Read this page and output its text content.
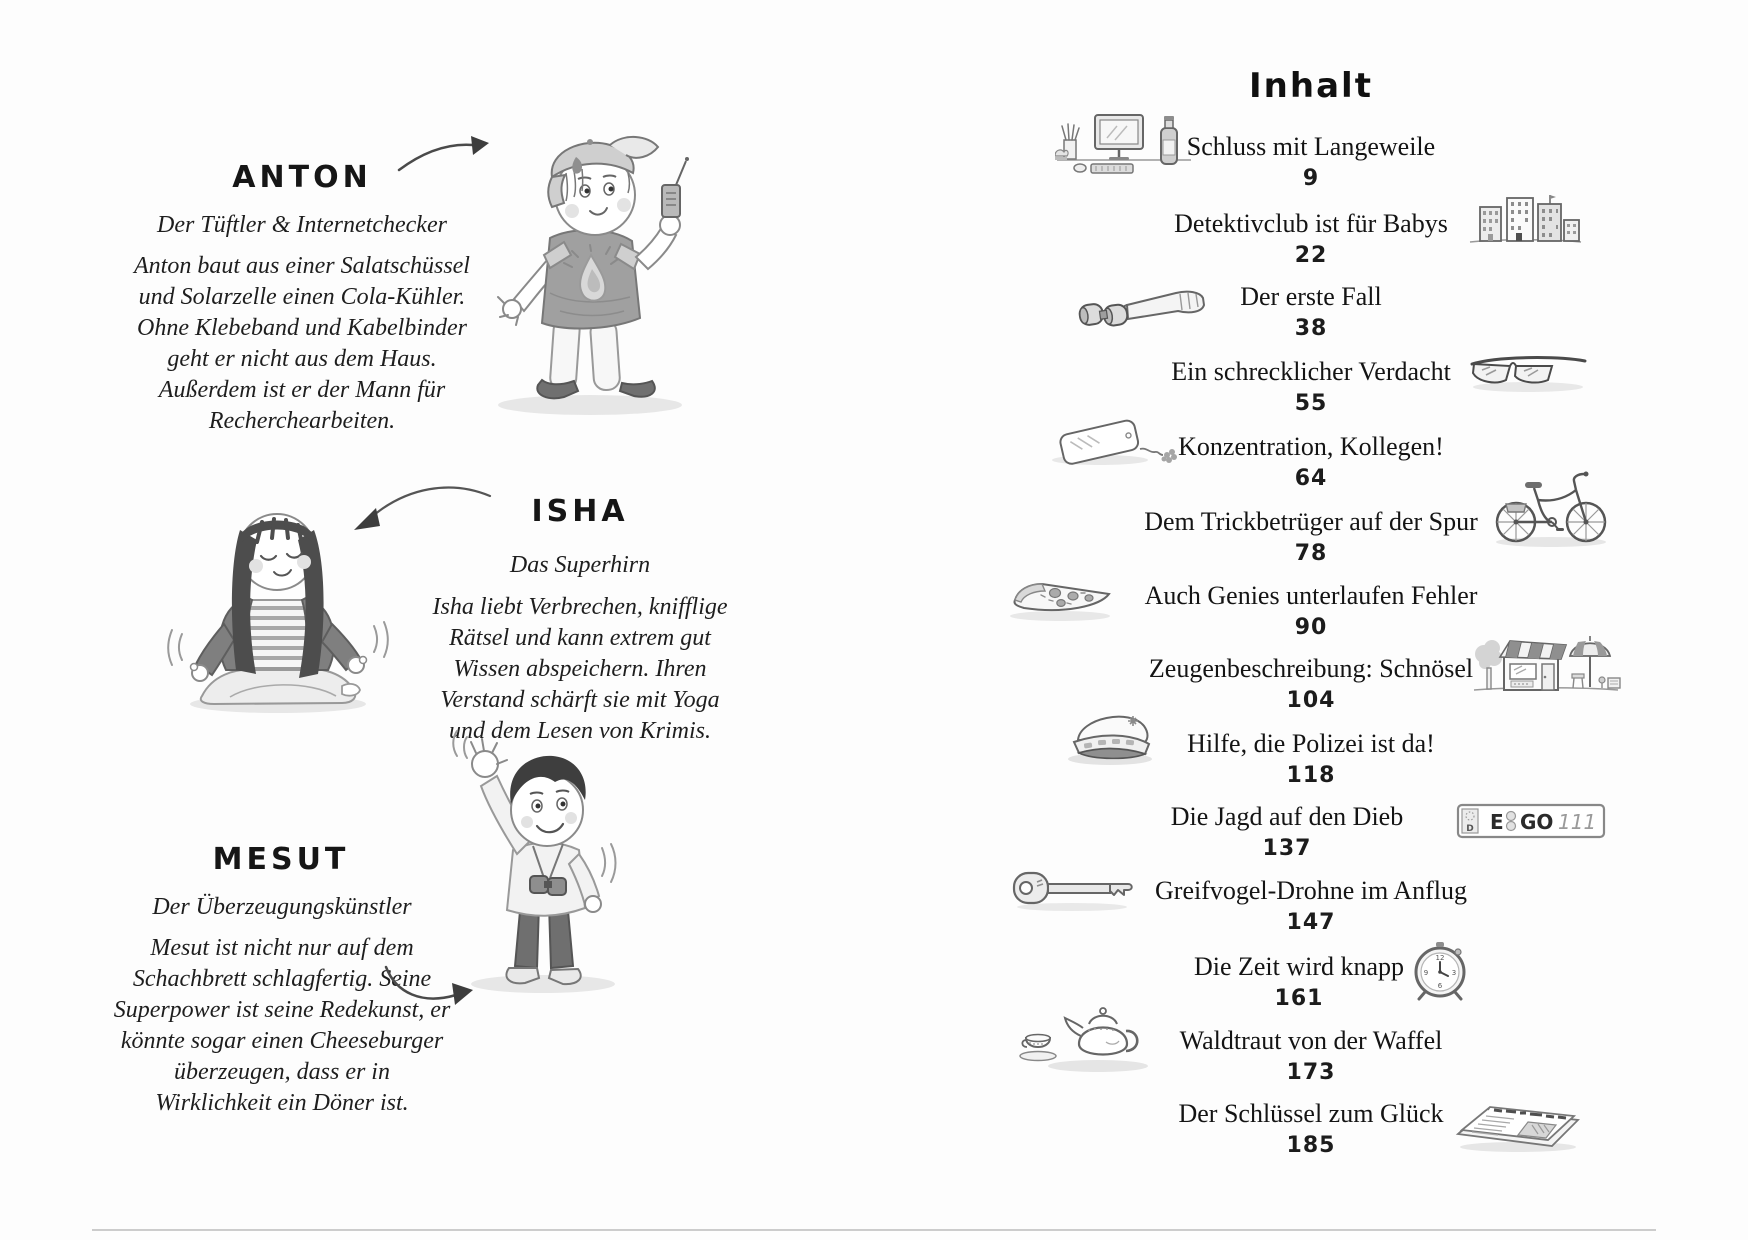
ANTON
Der Tüftler & Internetchecker
Anton baut aus einer Salatschüssel
und Solarzelle einen Cola-Kühler.
Ohne Klebeband und Kabelbinder
geht er nicht aus dem Haus.
Außerdem ist er der Mann für
Recherchearbeiten.
ISHA
Das Superhirn
Isha liebt Verbrechen, knifflige
Rätsel und kann extrem gut
Wissen abspeichern. Ihren
Verstand schärft sie mit Yoga
und dem Lesen von Krimis.
MESUT
Der Überzeugungskünstler
Mesut ist nicht nur auf dem
Schachbrett schlagfertig. Seine
Superpower ist seine Redekunst, er
könnte sogar einen Cheeseburger
überzeugen, dass er in
Wirklichkeit ein Döner ist.
Inhalt
Schluss mit Langeweile
9
Detektivclub ist für Babys
22
Der erste Fall
38
Ein schrecklicher Verdacht
55
Konzentration, Kollegen!
64
Dem Trickbetrüger auf der Spur
78
Auch Genies unterlaufen Fehler
90
Zeugenbeschreibung: Schnösel
104
Hilfe, die Polizei ist da!
118
Die Jagd auf den Dieb
137
Greifvogel-Drohne im Anflug
147
Die Zeit wird knapp
161
Waldtraut von der Waffel
173
Der Schlüssel zum Glück
185
D E GO 111
12
3
6
9
